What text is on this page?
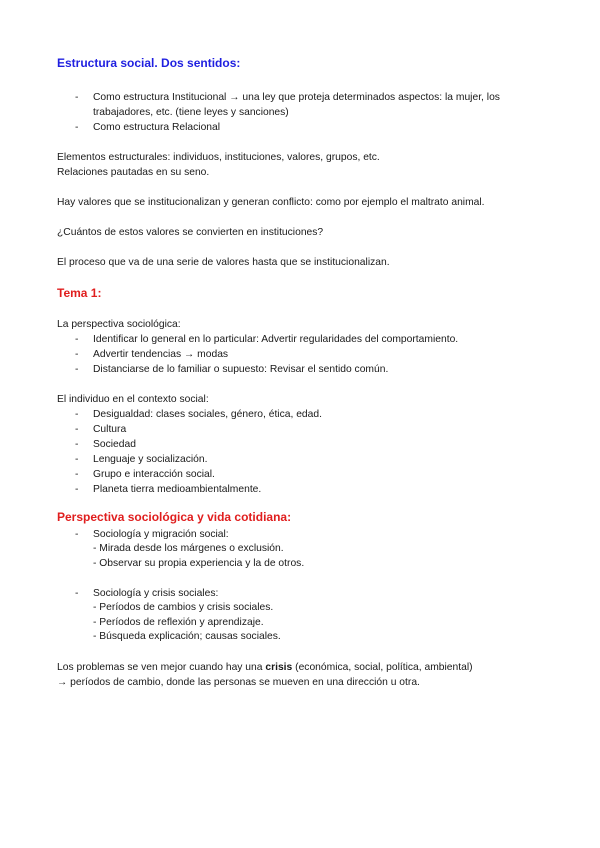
Estructura social. Dos sentidos:
-	Como estructura Institucional → una ley que proteja determinados aspectos: la mujer, los trabajadores, etc. (tiene leyes y sanciones)
-	Como estructura Relacional

Elementos estructurales: individuos, instituciones, valores, grupos, etc.

Relaciones pautadas en su seno.

Hay valores que se institucionalizan y generan conflicto: como por ejemplo el maltrato animal.

¿Cuántos de estos valores se convierten en instituciones?

El proceso que va de una serie de valores hasta que se institucionalizan.

Tema 1:

La perspectiva sociológica:

-	Identificar lo general en lo particular: Advertir regularidades del comportamiento.
-	Advertir tendencias → modas
-	Distanciarse de lo familiar o supuesto: Revisar el sentido común.

El individuo en el contexto social:

-	Desigualdad: clases sociales, género, ética, edad.
-	Cultura
-	Sociedad
-	Lenguaje y socialización.
-	Grupo e interacción social.
-	Planeta tierra medioambientalmente.
Perspectiva sociológica y vida cotidiana:
-	Sociología y migración social:
- Mirada desde los márgenes o exclusión.
- Observar su propia experiencia y la de otros.
-	Sociología y crisis sociales:
- Períodos de cambios y crisis sociales.
- Períodos de reflexión y aprendizaje.
- Búsqueda explicación; causas sociales.

Los problemas se ven mejor cuando hay una crisis (económica, social, política, ambiental)

→ períodos de cambio, donde las personas se mueven en una dirección u otra.
